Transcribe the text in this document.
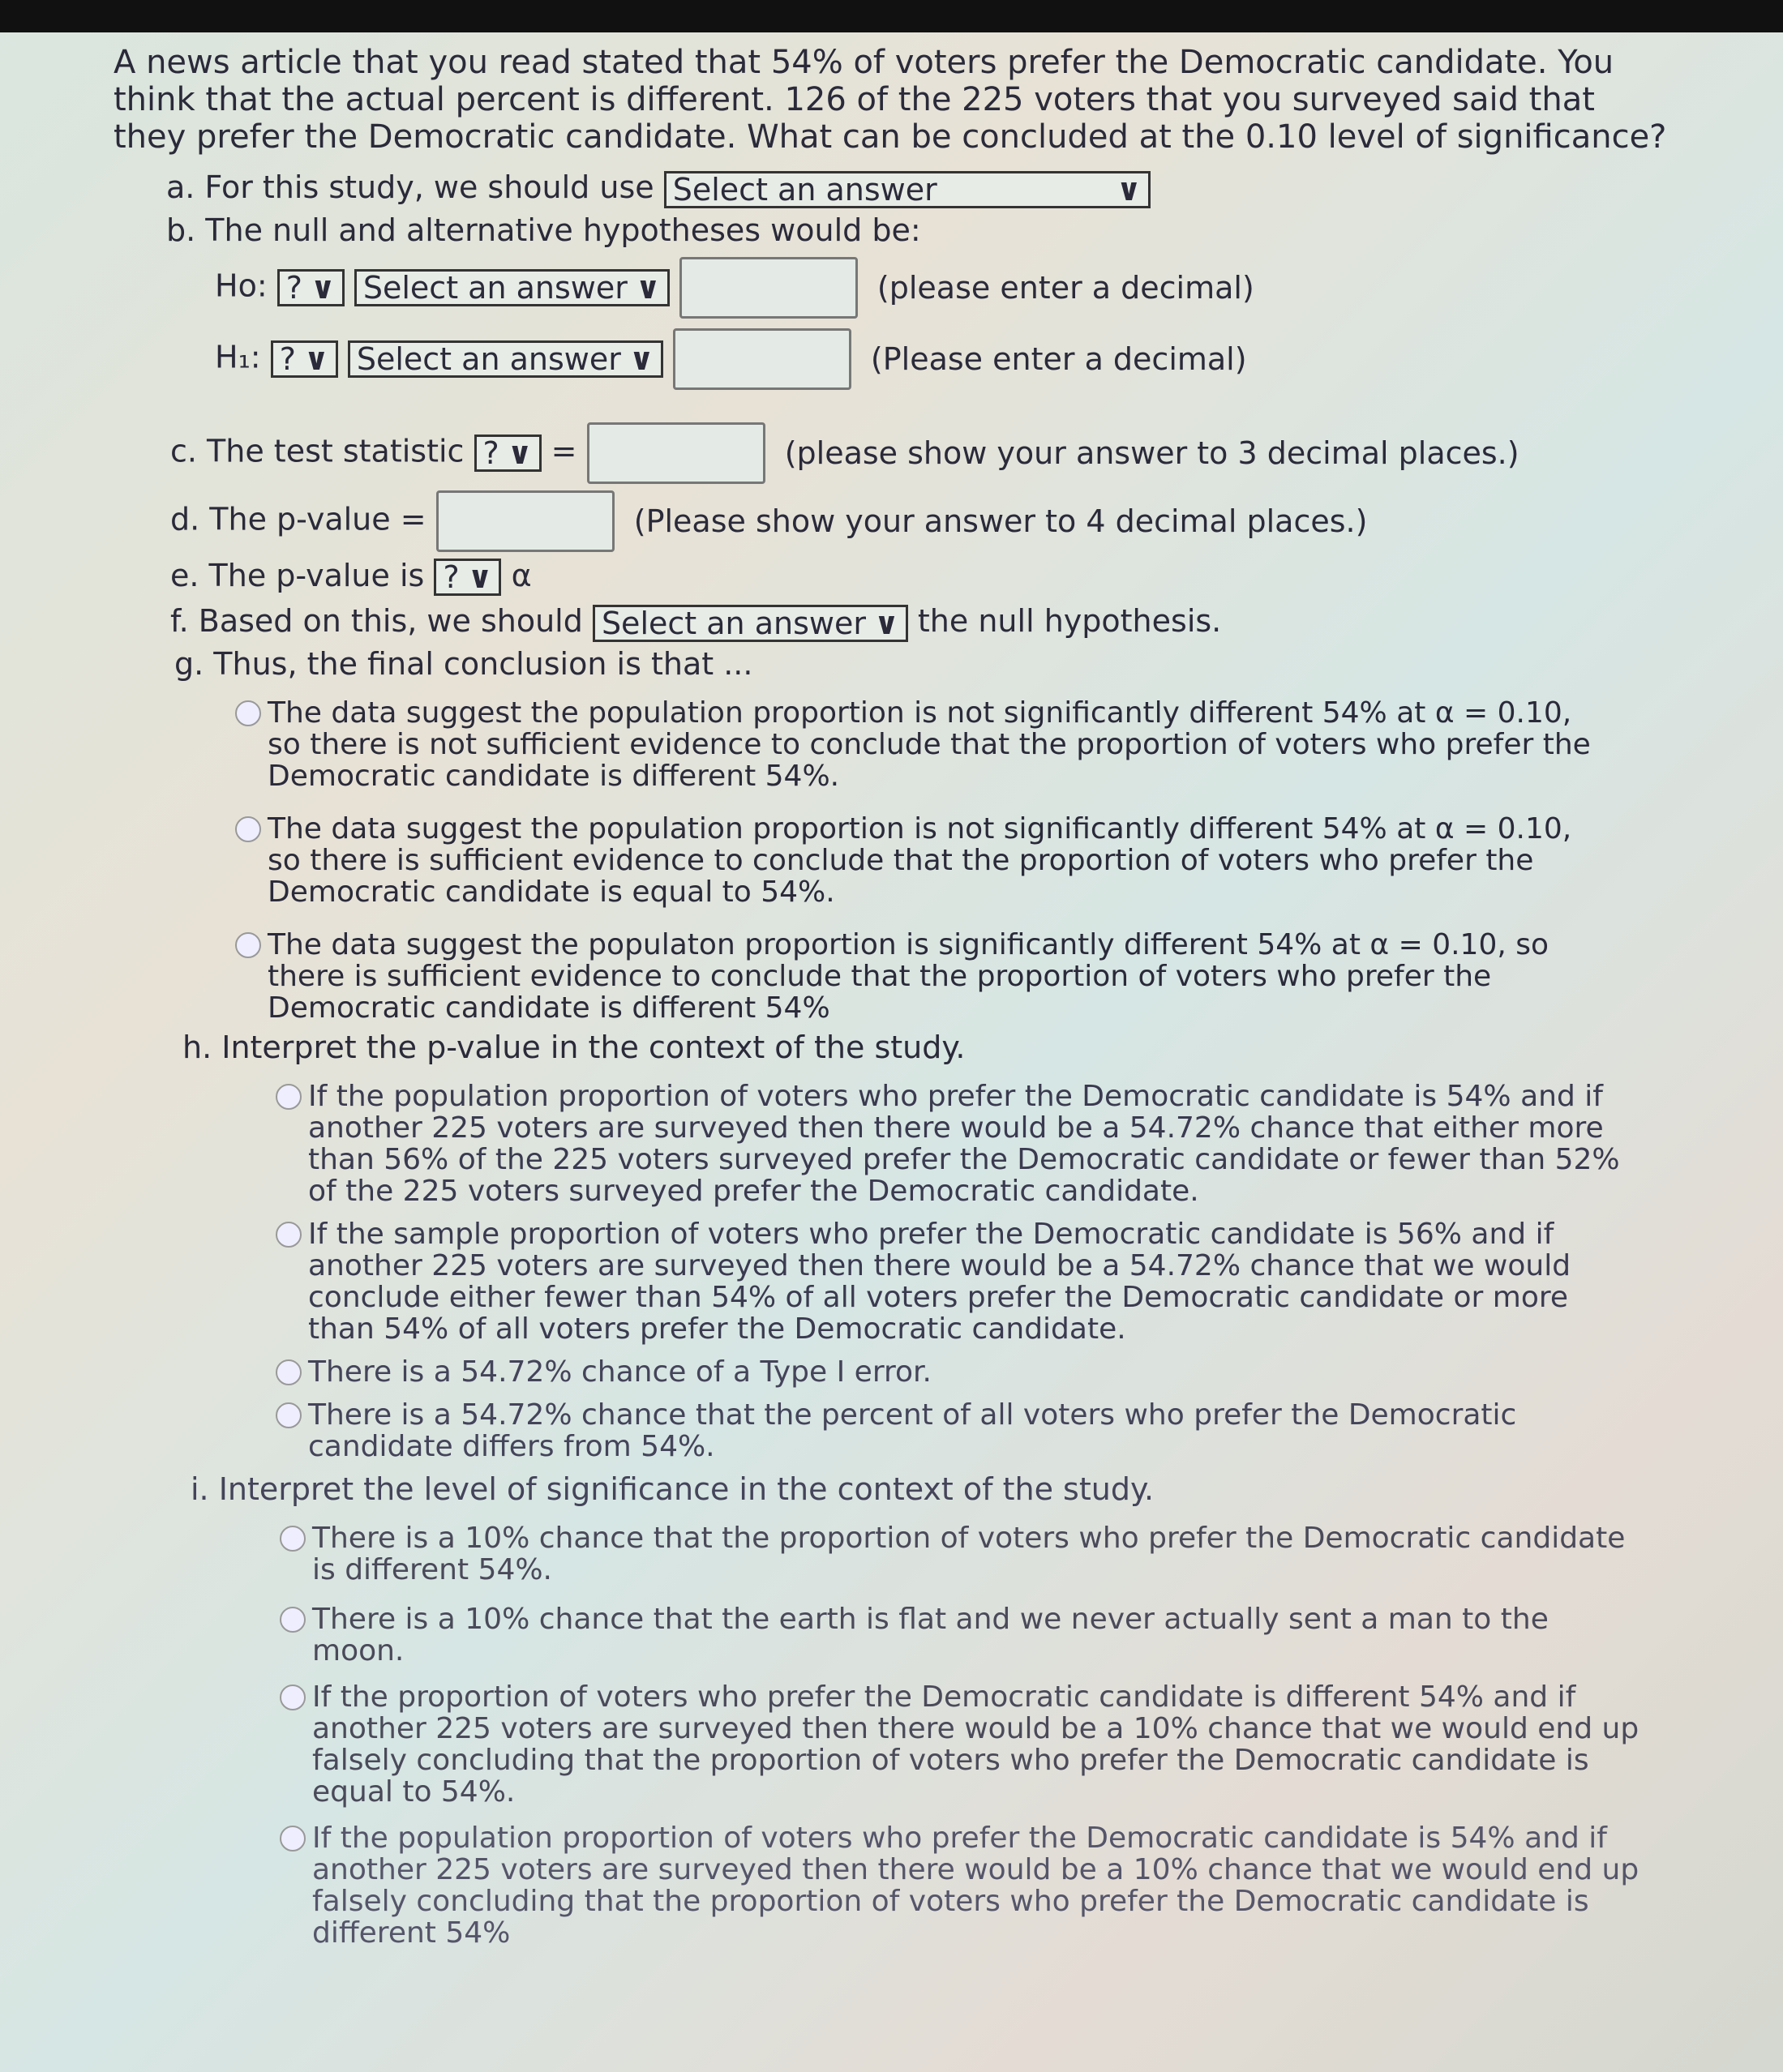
A news article that you read stated that 54% of voters prefer the Democratic candidate. You think that the actual percent is different. 126 of the 225 voters that you surveyed said that they prefer the Democratic candidate. What can be concluded at the 0.10 level of significance?
a. For this study, we should use Select an answer	∨
b. The null and alternative hypotheses would be:
Ho: ? ∨ Select an answer ∨	(please enter a decimal)
H₁: ? ∨ Select an answer ∨	(Please enter a decimal)
c. The test statistic ? ∨ =	(please show your answer to 3 decimal places.)
d. The p-value =	(Please show your answer to 4 decimal places.)
e. The p-value is ? ∨ α
f. Based on this, we should Select an answer ∨ the null hypothesis.
g. Thus, the final conclusion is that ...
The data suggest the population proportion is not significantly different 54% at α = 0.10, so there is not sufficient evidence to conclude that the proportion of voters who prefer the Democratic candidate is different 54%.
The data suggest the population proportion is not significantly different 54% at α = 0.10, so there is sufficient evidence to conclude that the proportion of voters who prefer the Democratic candidate is equal to 54%.
The data suggest the populaton proportion is significantly different 54% at α = 0.10, so there is sufficient evidence to conclude that the proportion of voters who prefer the Democratic candidate is different 54%
h. Interpret the p-value in the context of the study.
If the population proportion of voters who prefer the Democratic candidate is 54% and if another 225 voters are surveyed then there would be a 54.72% chance that either more than 56% of the 225 voters surveyed prefer the Democratic candidate or fewer than 52% of the 225 voters surveyed prefer the Democratic candidate.
If the sample proportion of voters who prefer the Democratic candidate is 56% and if another 225 voters are surveyed then there would be a 54.72% chance that we would conclude either fewer than 54% of all voters prefer the Democratic candidate or more than 54% of all voters prefer the Democratic candidate.
There is a 54.72% chance of a Type I error.
There is a 54.72% chance that the percent of all voters who prefer the Democratic candidate differs from 54%.
i. Interpret the level of significance in the context of the study.
There is a 10% chance that the proportion of voters who prefer the Democratic candidate is different 54%.
There is a 10% chance that the earth is flat and we never actually sent a man to the moon.
If the proportion of voters who prefer the Democratic candidate is different 54% and if another 225 voters are surveyed then there would be a 10% chance that we would end up falsely concluding that the proportion of voters who prefer the Democratic candidate is equal to 54%.
If the population proportion of voters who prefer the Democratic candidate is 54% and if another 225 voters are surveyed then there would be a 10% chance that we would end up falsely concluding that the proportion of voters who prefer the Democratic candidate is different 54%
